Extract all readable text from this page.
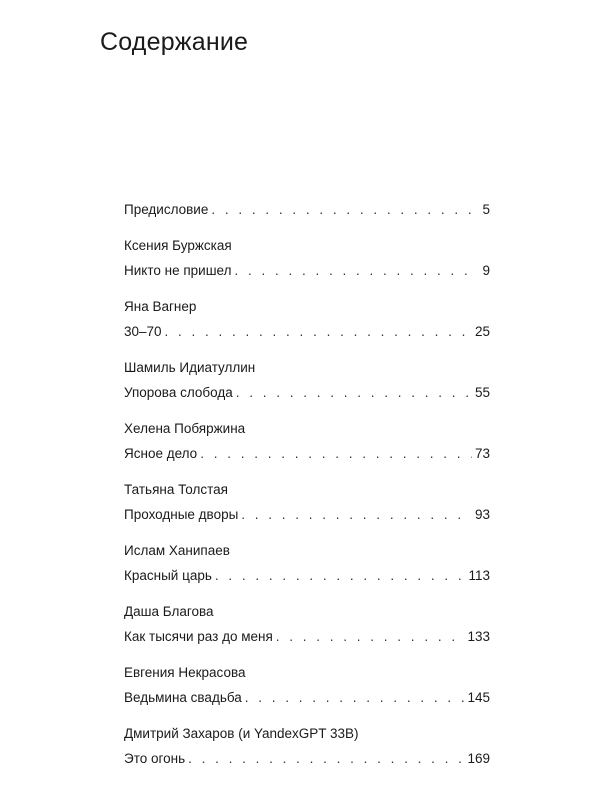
Содержание
Предисловие . . .	5
Ксения Буржская
Никто не пришел . . .	9
Яна Вагнер
30–70 . . .	25
Шамиль Идиатуллин
Упорова слобода . . .	55
Хелена Побяржина
Ясное дело . . .	73
Татьяна Толстая
Проходные дворы . . .	93
Ислам Ханипаев
Красный царь . . .	113
Даша Благова
Как тысячи раз до меня . . .	133
Евгения Некрасова
Ведьмина свадьба . . .	145
Дмитрий Захаров (и YandexGPT 33B)
Это огонь . . .	169
